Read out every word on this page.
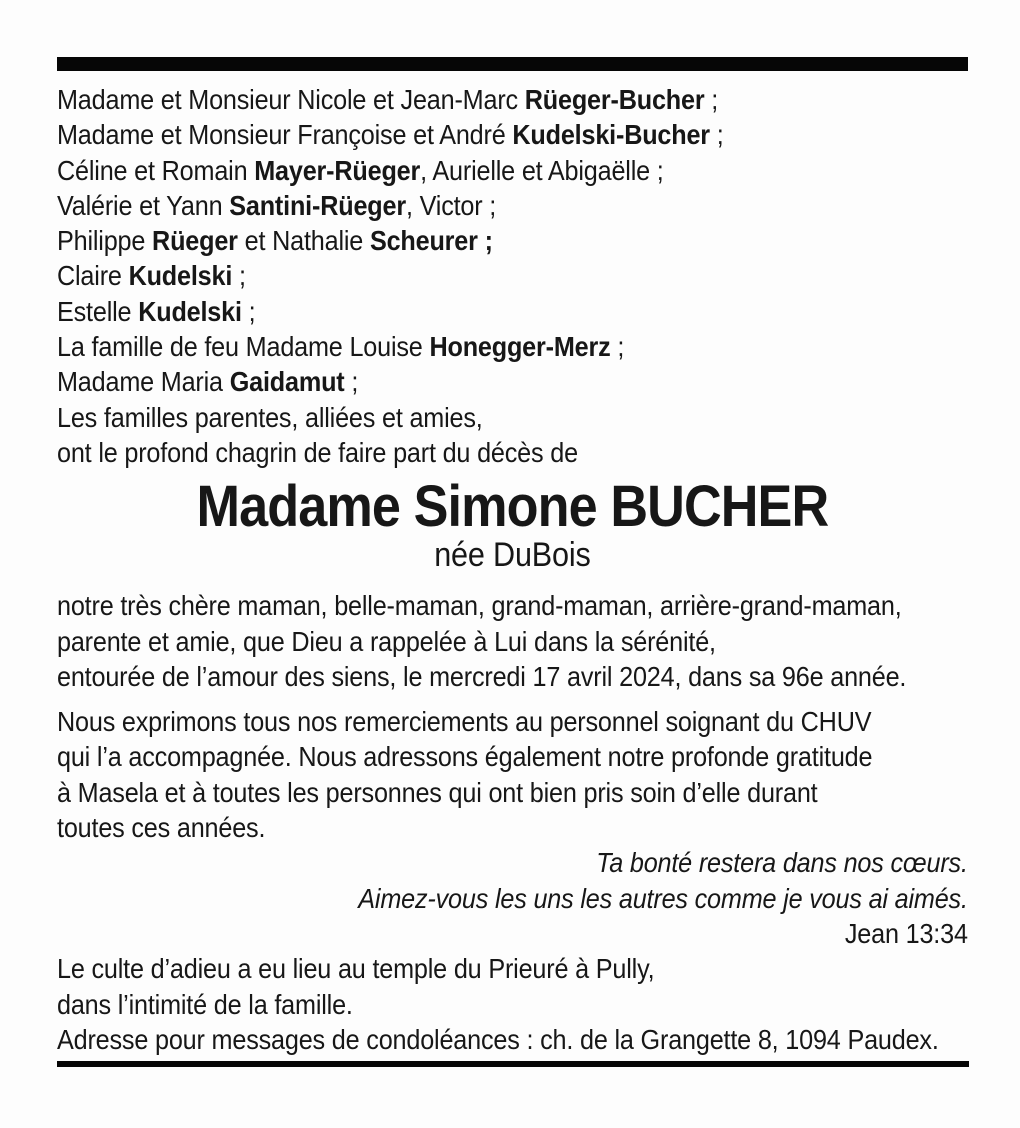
Madame et Monsieur Nicole et Jean-Marc Rüeger-Bucher ;
Madame et Monsieur Françoise et André Kudelski-Bucher ;
Céline et Romain Mayer-Rüeger, Aurielle et Abigaëlle ;
Valérie et Yann Santini-Rüeger, Victor ;
Philippe Rüeger et Nathalie Scheurer ;
Claire Kudelski ;
Estelle Kudelski ;
La famille de feu Madame Louise Honegger-Merz ;
Madame Maria Gaidamut ;
Les familles parentes, alliées et amies,
ont le profond chagrin de faire part du décès de
Madame Simone BUCHER
née DuBois
notre très chère maman, belle-maman, grand-maman, arrière-grand-maman,
parente et amie, que Dieu a rappelée à Lui dans la sérénité,
entourée de l’amour des siens, le mercredi 17 avril 2024, dans sa 96e année.
Nous exprimons tous nos remerciements au personnel soignant du CHUV
qui l’a accompagnée. Nous adressons également notre profonde gratitude
à Masela et à toutes les personnes qui ont bien pris soin d’elle durant
toutes ces années.
Ta bonté restera dans nos cœurs.
Aimez-vous les uns les autres comme je vous ai aimés.
Jean 13:34
Le culte d’adieu a eu lieu au temple du Prieuré à Pully,
dans l’intimité de la famille.
Adresse pour messages de condoléances : ch. de la Grangette 8, 1094 Paudex.
